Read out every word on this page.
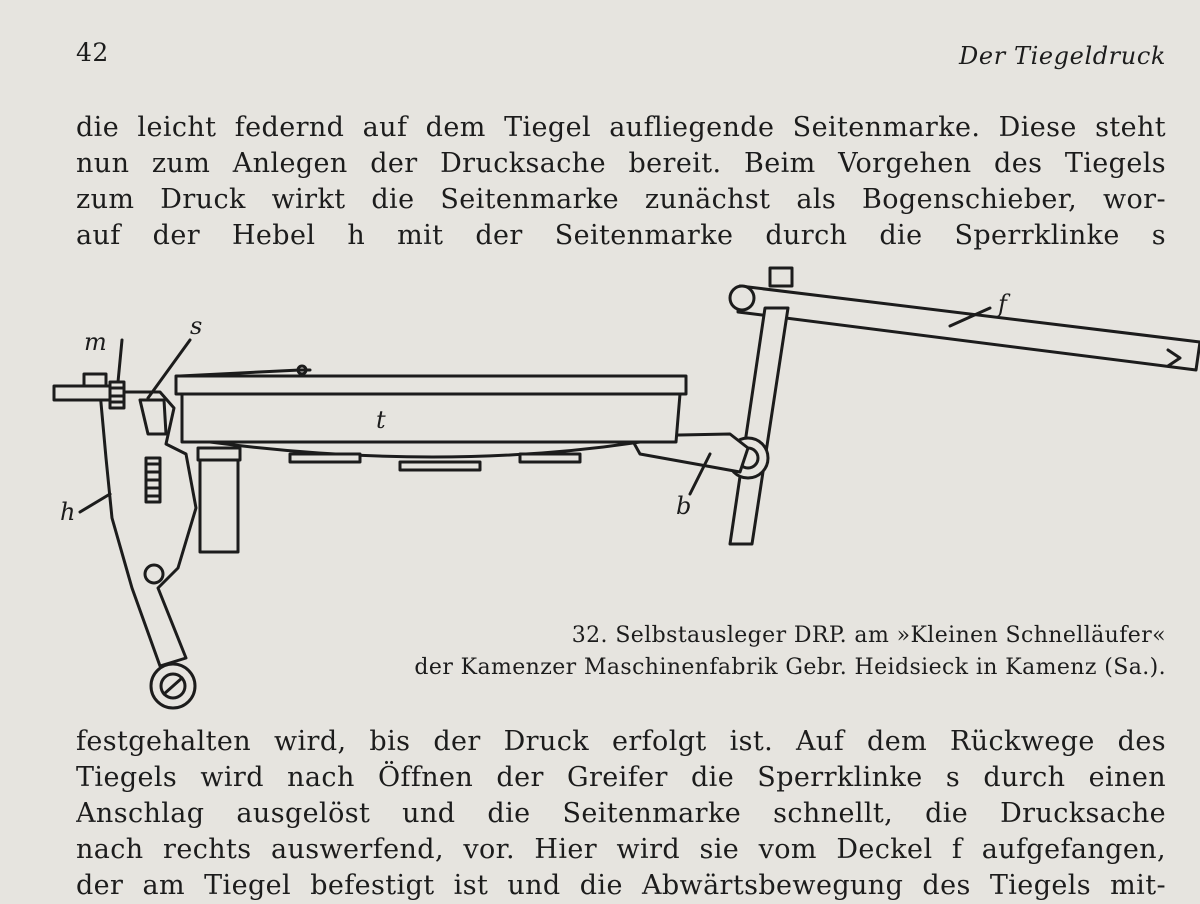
42	Der Tiegeldruck
die leicht federnd auf dem Tiegel aufliegende Seitenmarke. Diese steht
nun zum Anlegen der Drucksache bereit. Beim Vorgehen des Tiegels
zum Druck wirkt die Seitenmarke zunächst als Bogenschieber, wor-
auf der Hebel h mit der Seitenmarke durch die Sperrklinke s
m
s
t
h	b
f
32. Selbstausleger DRP. am »Kleinen Schnelläufer«
der Kamenzer Maschinenfabrik Gebr. Heidsieck in Kamenz (Sa.).
festgehalten wird, bis der Druck erfolgt ist. Auf dem Rückwege des
Tiegels wird nach Öffnen der Greifer die Sperrklinke s durch einen
Anschlag ausgelöst und die Seitenmarke schnellt, die Drucksache
nach rechts auswerfend, vor. Hier wird sie vom Deckel f aufgefangen,
der am Tiegel befestigt ist und die Abwärtsbewegung des Tiegels mit-
